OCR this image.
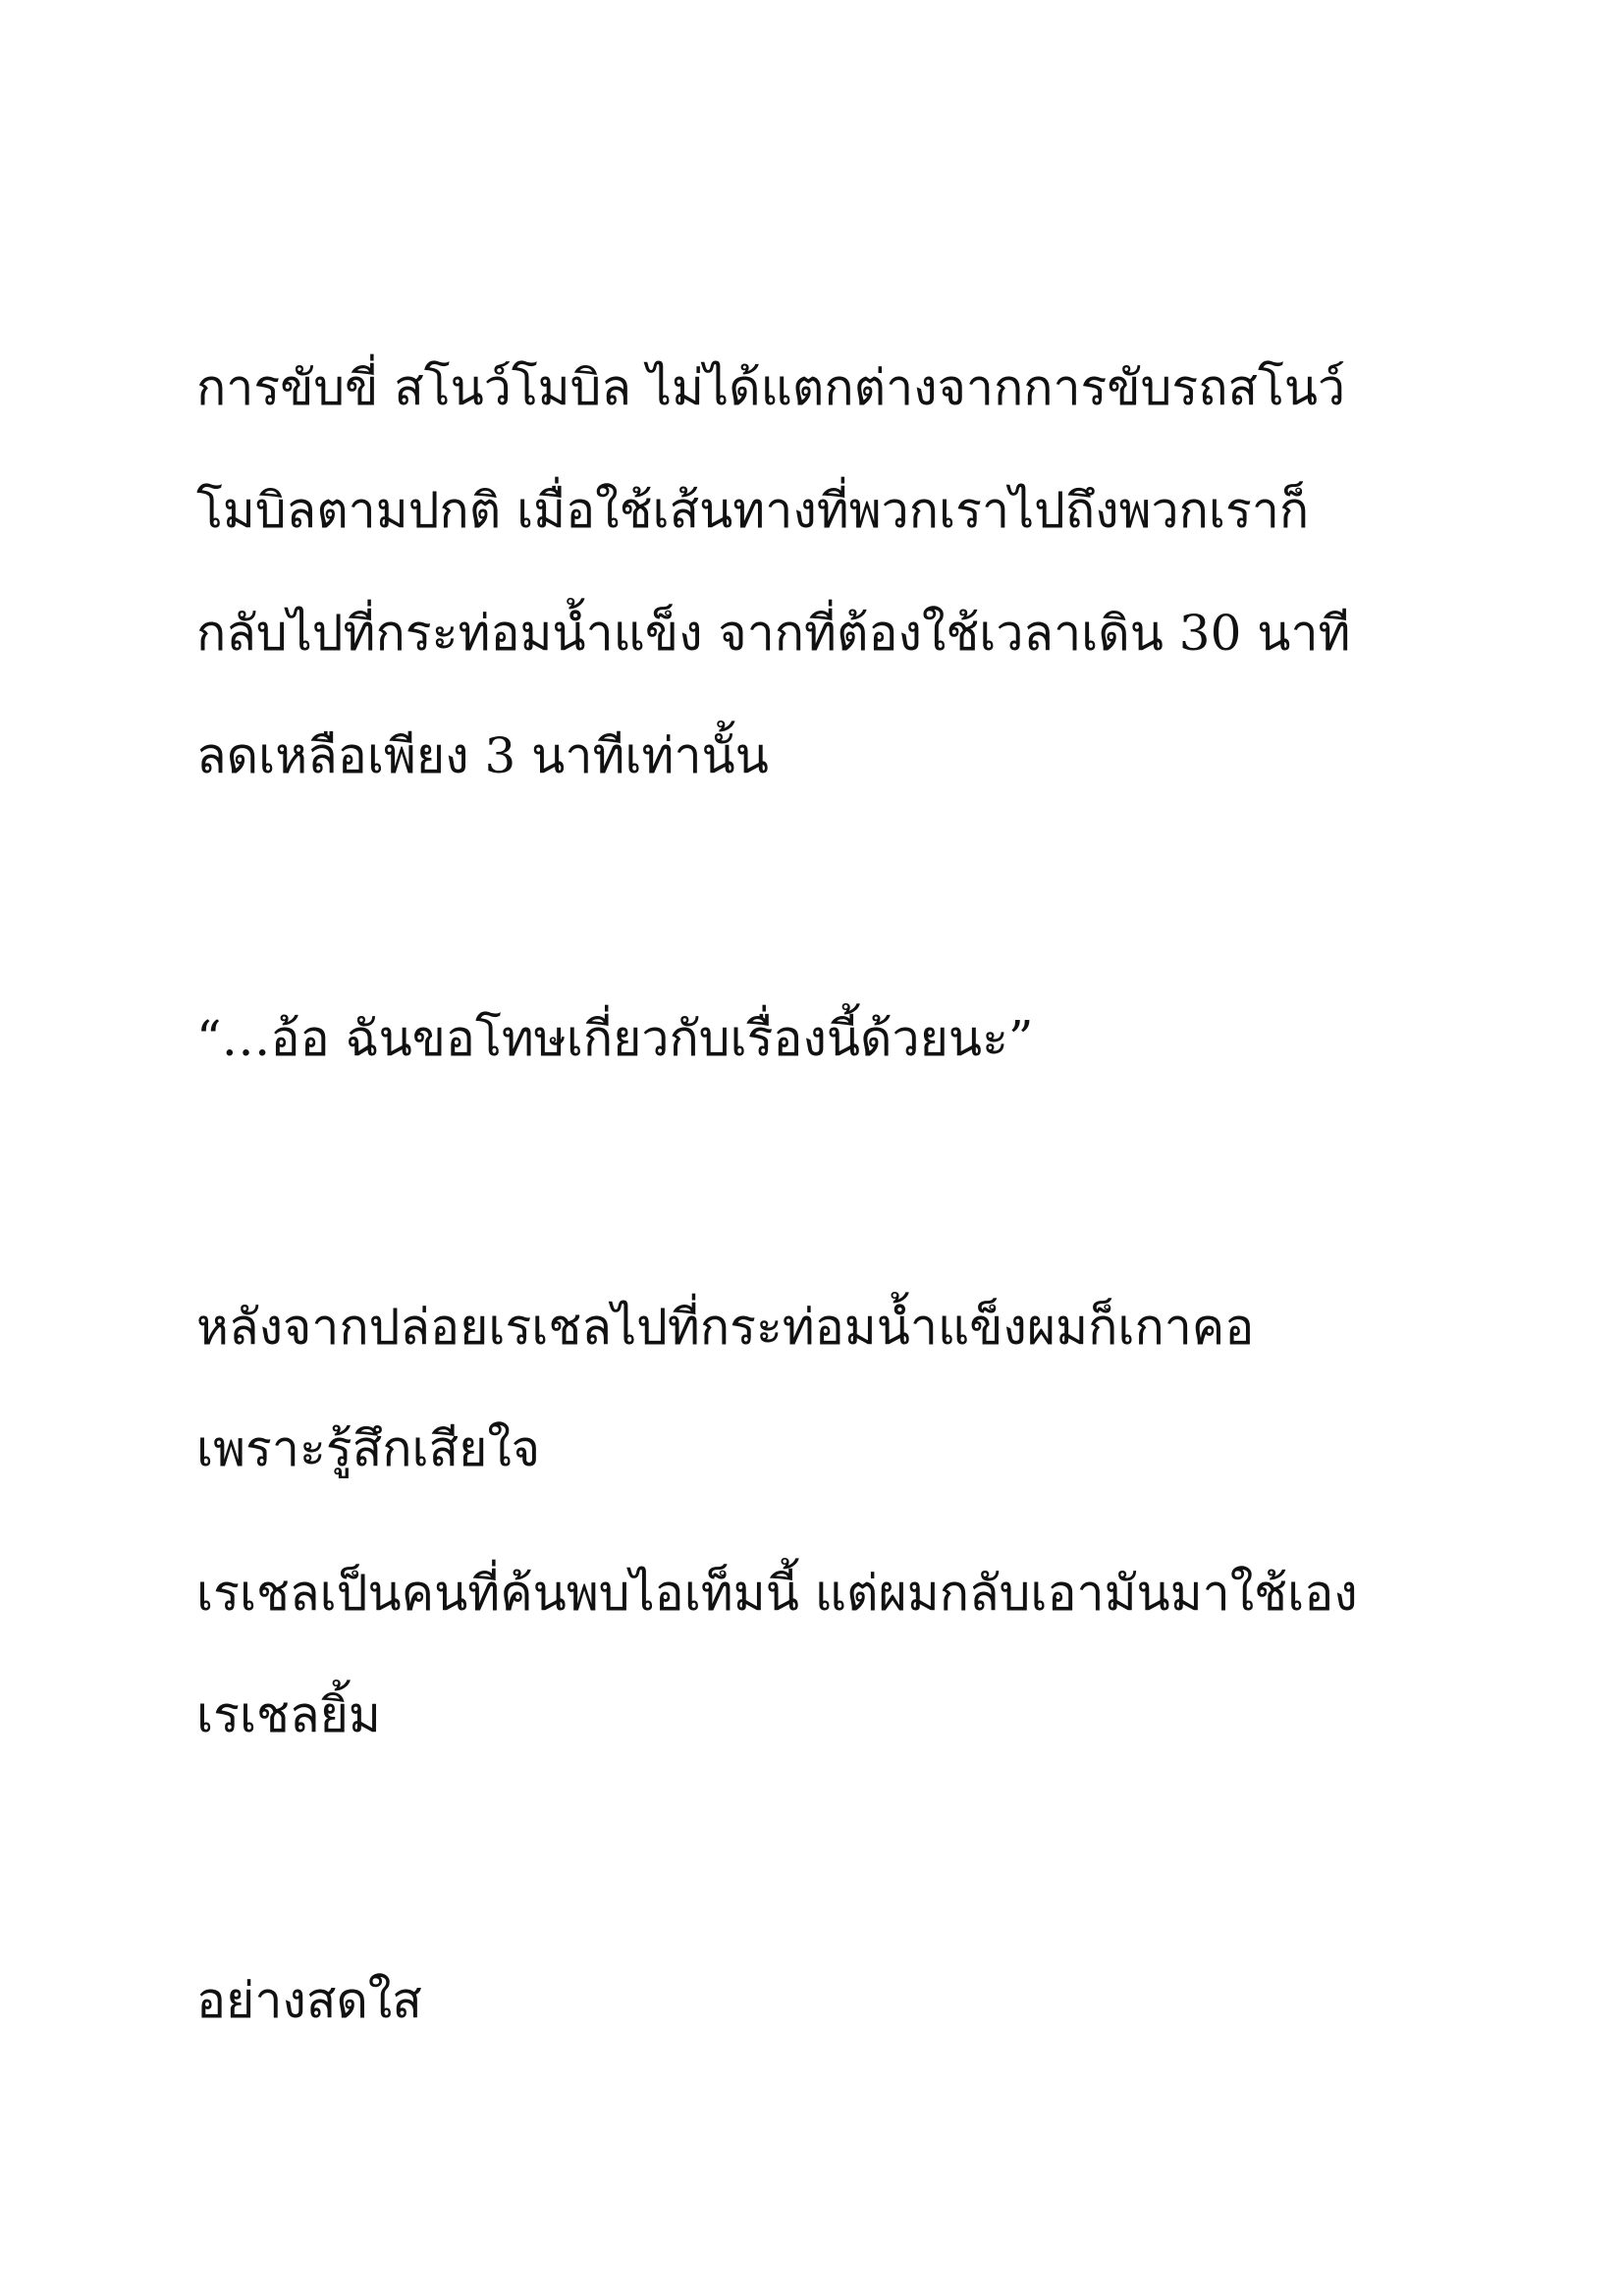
การขับขี่ สโนว์โมบิล ไม่ได้แตกต่างจากการขับรถสโนว์
โมบิลตามปกติ เมื่อใช้เส้นทางที่พวกเราไปถึงพวกเราก็
กลับไปที่กระท่อมน้ำแข็ง จากที่ต้องใช้เวลาเดิน 30 นาที
ลดเหลือเพียง 3 นาทีเท่านั้น
“…อ้อ ฉันขอโทษเกี่ยวกับเรื่องนี้ด้วยนะ”
หลังจากปล่อยเรเชลไปที่กระท่อมน้ำแข็งผมก็เกาคอ
เพราะรู้สึกเสียใจ
เรเชลเป็นคนที่ค้นพบไอเท็มนี้ แต่ผมกลับเอามันมาใช้เอง
เรเชลยิ้ม
อย่างสดใส
